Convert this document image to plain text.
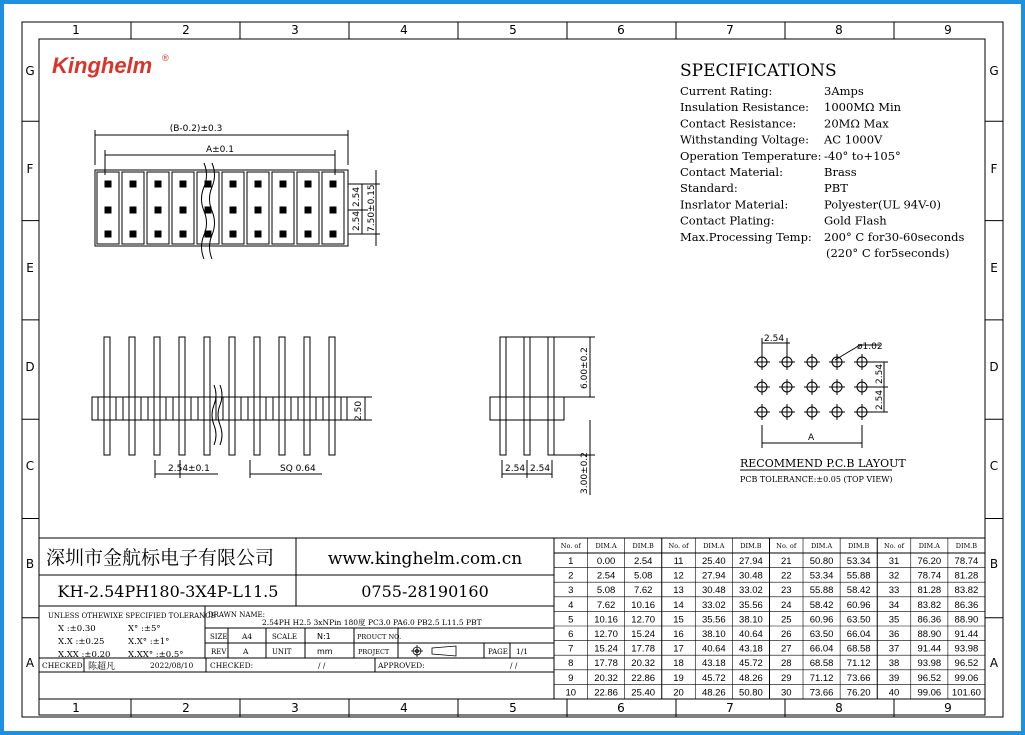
1
1
2
2
3
3
4
4
5
5
6
6
7
7
8
8
9
9
G	G
F	F
E	E
D	D
C	C
B	B
A	A
Kinghelm ®
SPECIFICATIONS
Current Rating:	3Amps
Insulation Resistance: 1000MΩ Min
Contact Resistance: 20MΩ Max
Withstanding Voltage: AC 1000V
Operation Temperature: -40° to+105°
Contact Material:	Brass
Standard:	PBT
Insrlator Material:	Polyester(UL 94V-0)
Contact Plating:	Gold Flash
Max.Processing Temp: 200° C for30-60seconds
(220° C for5seconds)
(B-0.2)±0.3
A±0.1
2.54
2.54 7.50±0.15
2.50
2.54±0.1	SQ 0.64
6.00±0.2
3.00±0.2
2.54 2.54
2.54
ø1.02
2.54
2.54
A
RECOMMEND P.C.B LAYOUT
PCB TOLERANCE:±0.05 (TOP VIEW)
深圳市金航标电子有限公司	www.kinghelm.com.cn
KH-2.54PH180-3X4P-L11.5	0755-28190160
UNLESS OTHEWIXE SPECIFIED TOLERANCE
X :±0.30	X° :±5°
X.X :±0.25	X.X° :±1°
X.XX :±0.20 X.XX° :±0.5°
DRAWN NAME:
2.54PH H2.5 3xNPin 180度 PC3.0 PA6.0 PB2.5 L11.5 PBT
SIZE A4	SCALE	N:1	PROUCT NO.
REV A	UNIT	mm	PROJECT	PAGE 1/1
CHECKED: 陈超凡	2022/08/10 CHECKED:	/ /	APPROVED:	/ /
No. of DIM.A DIM.B No. of DIM.A DIM.B No. of DIM.A DIM.B No. of DIM.A DIM.B
1 0.00 2.54 11 25.40 27.94 21 50.80 53.34 31 76.20 78.74
2 2.54 5.08 12 27.94 30.48 22 53.34 55.88 32 78.74 81.28
3 5.08 7.62 13 30.48 33.02 23 55.88 58.42 33 81.28 83.82
4 7.62 10.16 14 33.02 35.56 24 58.42 60.96 34 83.82 86.36
5 10.16 12.70 15 35.56 38.10 25 60.96 63.50 35 86.36 88.90
6 12.70 15.24 16 38.10 40.64 26 63.50 66.04 36 88.90 91.44
7 15.24 17.78 17 40.64 43.18 27 66.04 68.58 37 91.44 93.98
8 17.78 20.32 18 43.18 45.72 28 68.58 71.12 38 93.98 96.52
9 20.32 22.86 19 45.72 48.26 29 71.12 73.66 39 96.52 99.06
10 22.86 25.40 20 48.26 50.80 30 73.66 76.20 40 99.06 101.60
